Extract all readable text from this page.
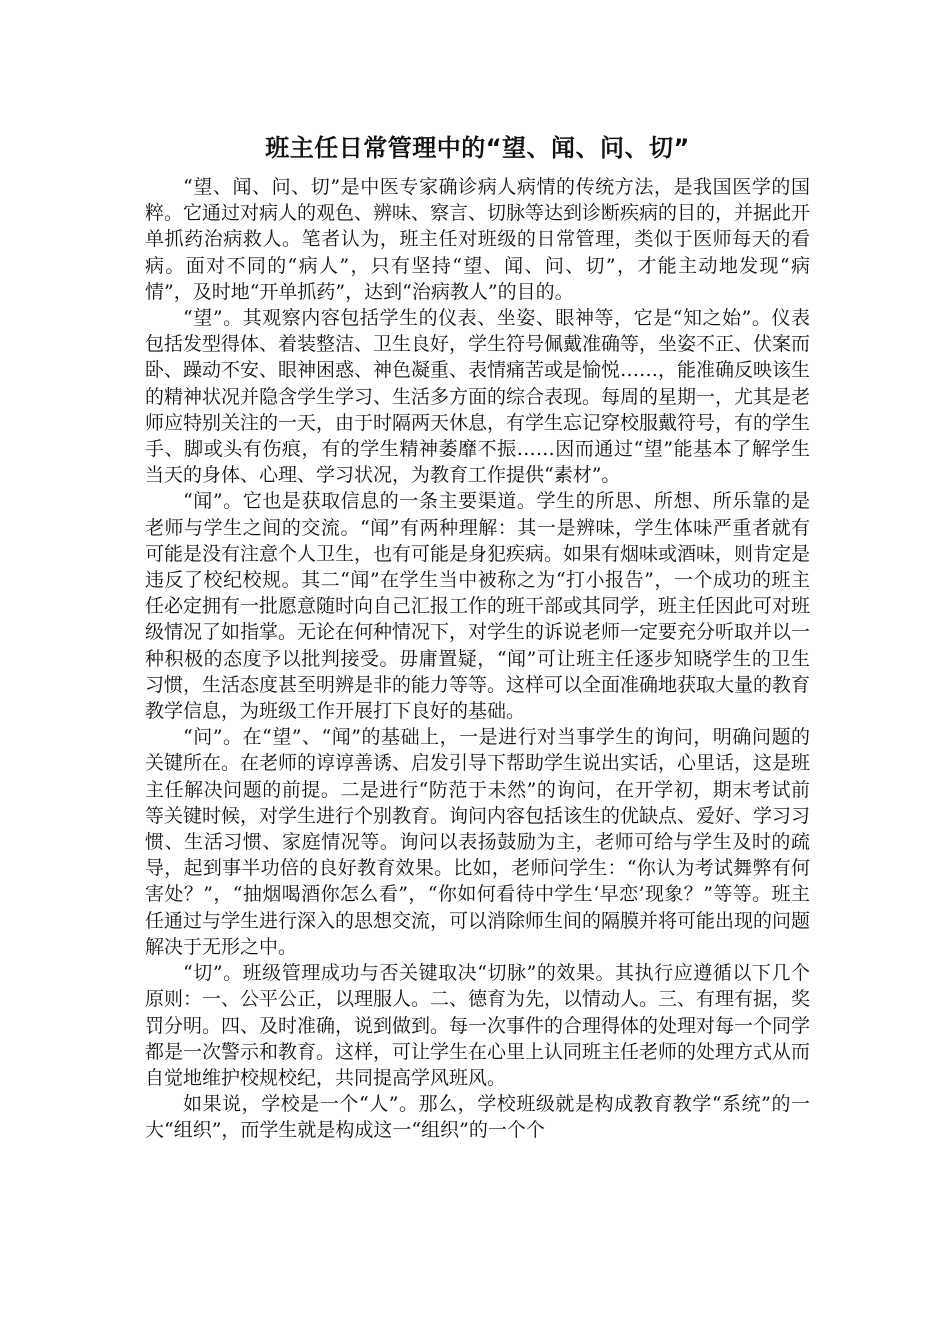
班主任日常管理中的“望、闻、问、切”

“望、闻、问、切”是中医专家确诊病人病情的传统方法，是我国医学的国粹。它通过对病人的观色、辨味、察言、切脉等达到诊断疾病的目的，并据此开单抓药治病救人。笔者认为，班主任对班级的日常管理，类似于医师每天的看病。面对不同的“病人”，只有坚持“望、闻、问、切”，才能主动地发现“病情”，及时地“开单抓药”，达到“治病教人”的目的。

“望”。其观察内容包括学生的仪表、坐姿、眼神等，它是“知之始”。仪表包括发型得体、着装整洁、卫生良好，学生符号佩戴准确等，坐姿不正、伏案而卧、躁动不安、眼神困惑、神色凝重、表情痛苦或是愉悦……，能准确反映该生的精神状况并隐含学生学习、生活多方面的综合表现。每周的星期一，尤其是老师应特别关注的一天，由于时隔两天休息，有学生忘记穿校服戴符号，有的学生手、脚或头有伤痕，有的学生精神萎靡不振……因而通过“望”能基本了解学生当天的身体、心理、学习状况，为教育工作提供“素材”。

“闻”。它也是获取信息的一条主要渠道。学生的所思、所想、所乐靠的是老师与学生之间的交流。“闻”有两种理解：其一是辨味，学生体味严重者就有可能是没有注意个人卫生，也有可能是身犯疾病。如果有烟味或酒味，则肯定是违反了校纪校规。其二“闻”在学生当中被称之为“打小报告”，一个成功的班主任必定拥有一批愿意随时向自己汇报工作的班干部或其同学，班主任因此可对班级情况了如指掌。无论在何种情况下，对学生的诉说老师一定要充分听取并以一种积极的态度予以批判接受。毋庸置疑，“闻”可让班主任逐步知晓学生的卫生习惯，生活态度甚至明辨是非的能力等等。这样可以全面准确地获取大量的教育教学信息，为班级工作开展打下良好的基础。

“问”。在“望”、“闻”的基础上，一是进行对当事学生的询问，明确问题的关键所在。在老师的谆谆善诱、启发引导下帮助学生说出实话，心里话，这是班主任解决问题的前提。二是进行“防范于未然”的询问，在开学初，期末考试前等关键时候，对学生进行个别教育。询问内容包括该生的优缺点、爱好、学习习惯、生活习惯、家庭情况等。询问以表扬鼓励为主，老师可给与学生及时的疏导，起到事半功倍的良好教育效果。比如，老师问学生：“你认为考试舞弊有何害处？”，“抽烟喝酒你怎么看”，“你如何看待中学生‘早恋’现象？”等等。班主任通过与学生进行深入的思想交流，可以消除师生间的隔膜并将可能出现的问题解决于无形之中。

“切”。班级管理成功与否关键取决“切脉”的效果。其执行应遵循以下几个原则：一、公平公正，以理服人。二、德育为先，以情动人。三、有理有据，奖罚分明。四、及时准确，说到做到。每一次事件的合理得体的处理对每一个同学都是一次警示和教育。这样，可让学生在心里上认同班主任老师的处理方式从而自觉地维护校规校纪，共同提高学风班风。

如果说，学校是一个“人”。那么，学校班级就是构成教育教学“系统”的一大“组织”，而学生就是构成这一“组织”的一个个
